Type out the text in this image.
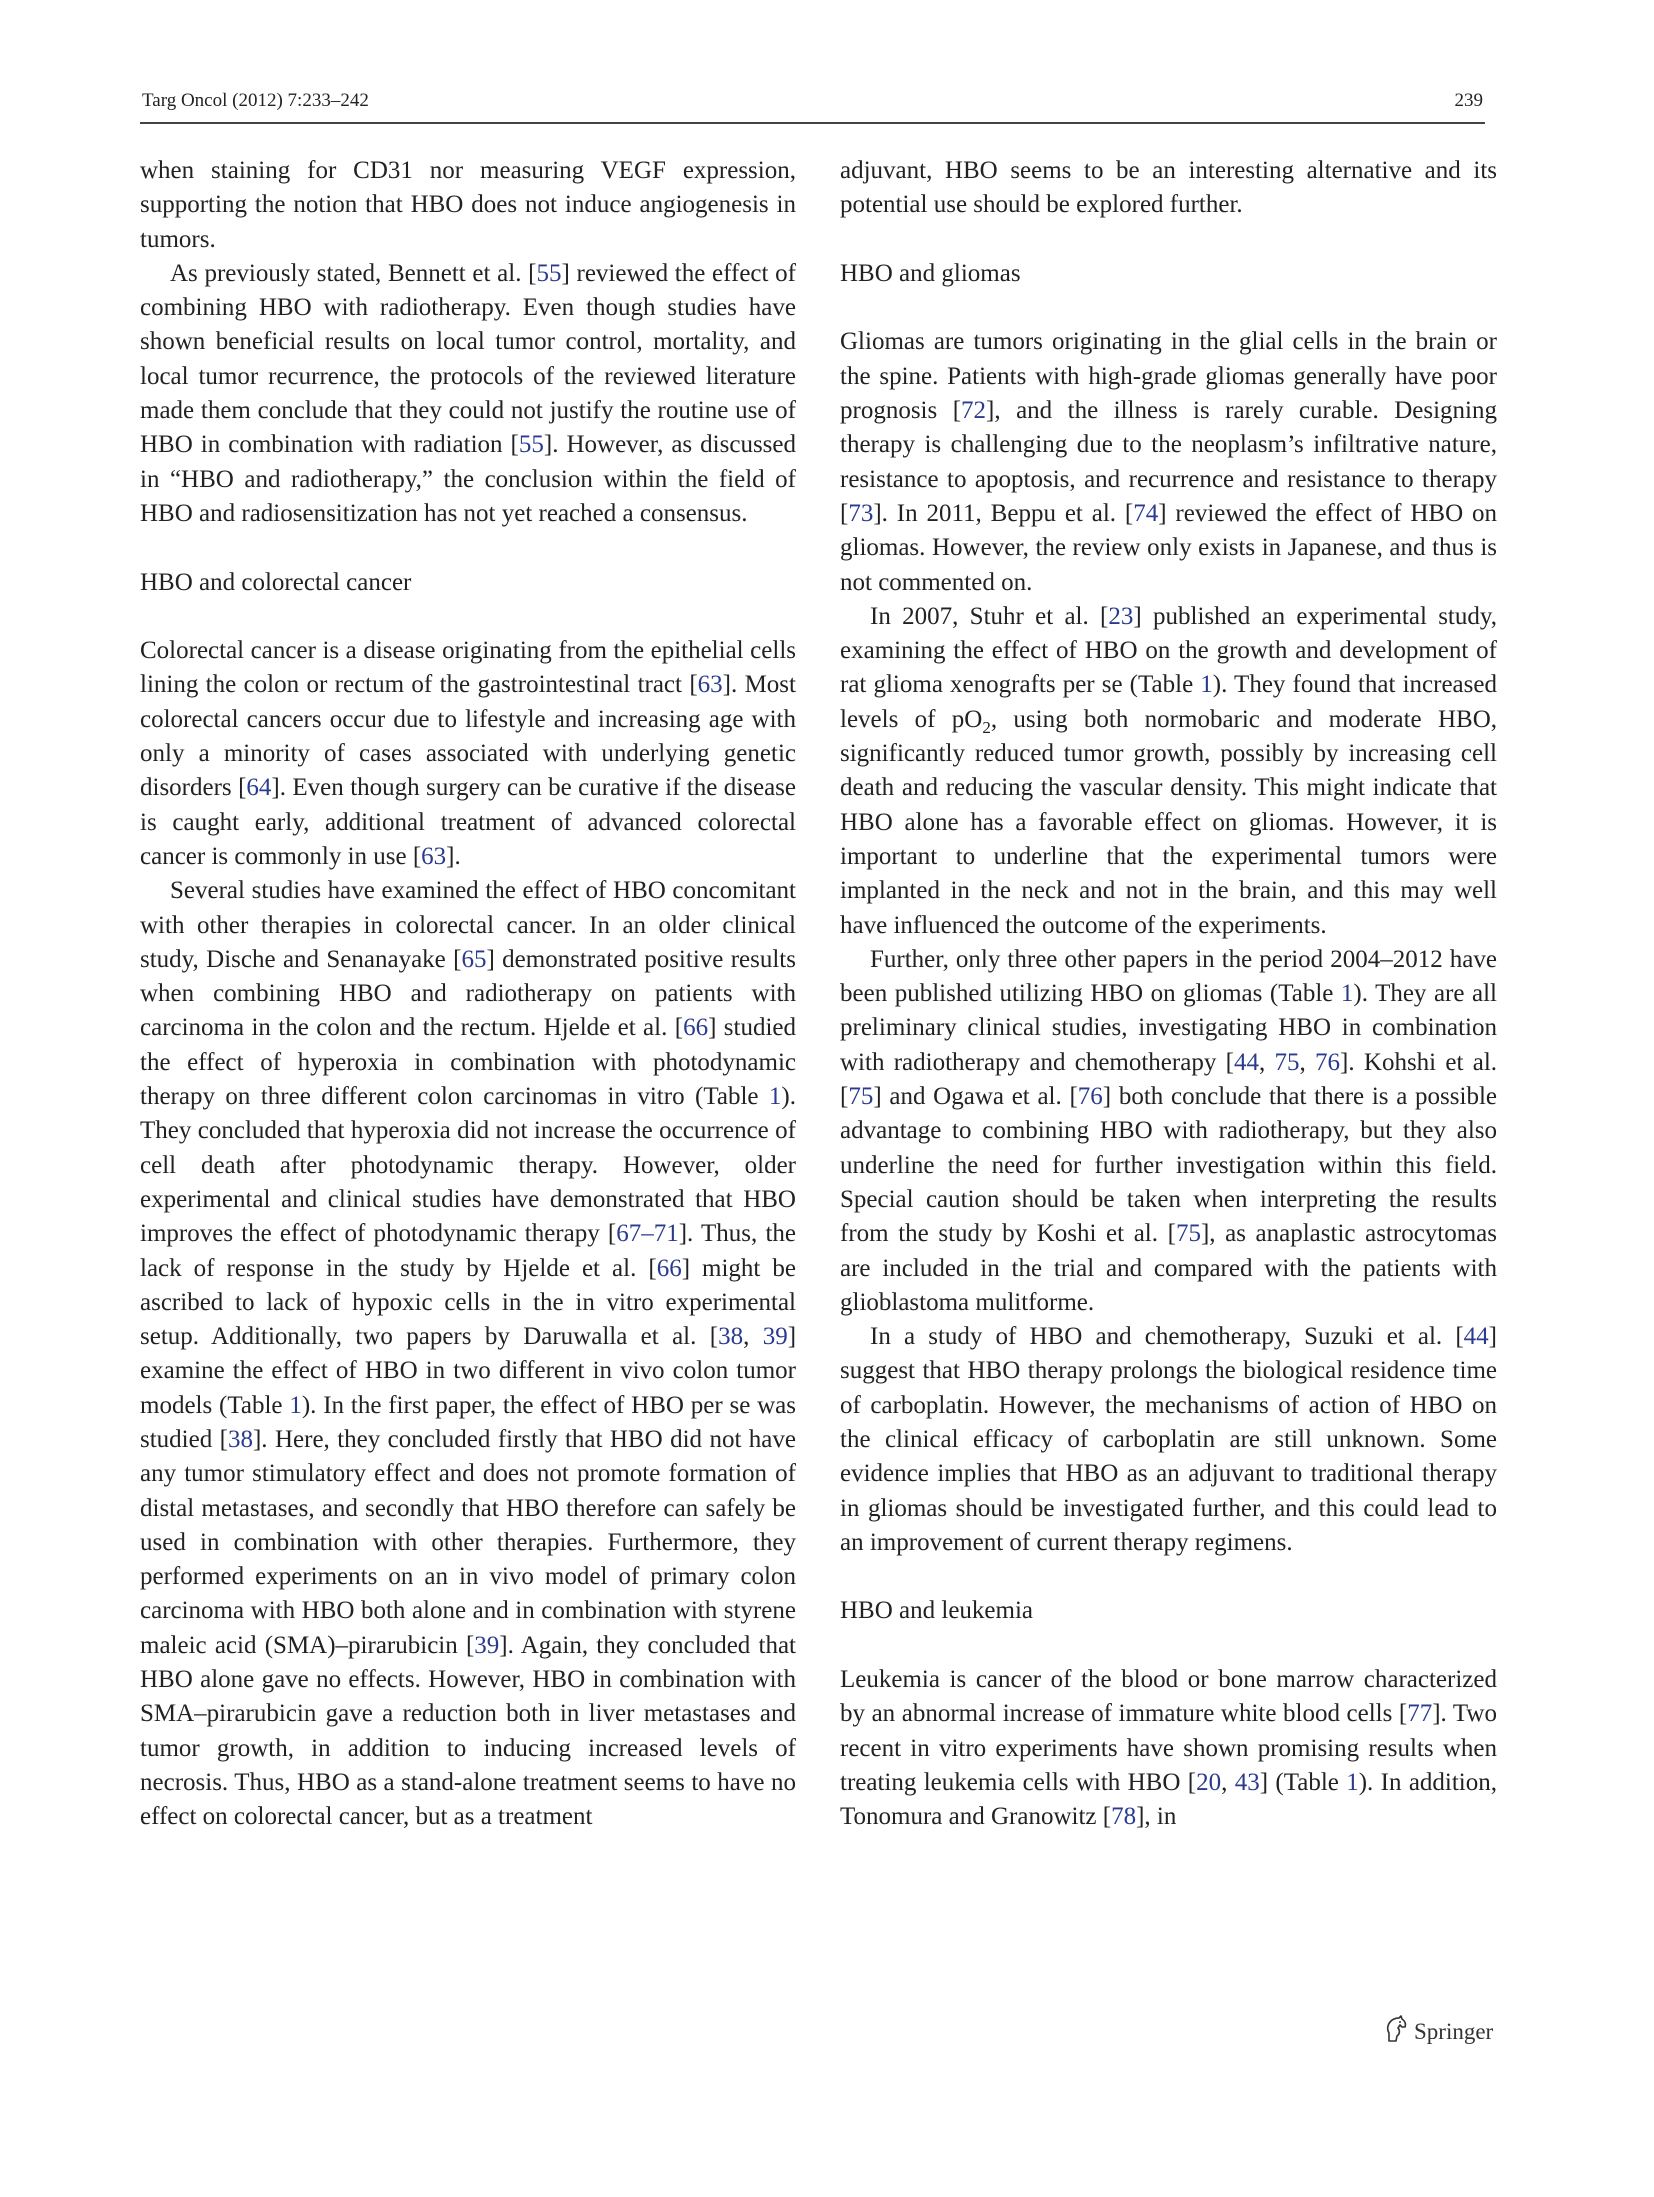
Targ Oncol (2012) 7:233–242	239

when staining for CD31 nor measuring VEGF expression, supporting the notion that HBO does not induce angiogenesis in tumors.

As previously stated, Bennett et al. [55] reviewed the effect of combining HBO with radiotherapy. Even though studies have shown beneficial results on local tumor control, mortality, and local tumor recurrence, the protocols of the reviewed literature made them conclude that they could not justify the routine use of HBO in combination with radiation [55]. However, as discussed in “HBO and radiotherapy,” the conclusion within the field of HBO and radiosensitization has not yet reached a consensus.

HBO and colorectal cancer

Colorectal cancer is a disease originating from the epithelial cells lining the colon or rectum of the gastrointestinal tract [63]. Most colorectal cancers occur due to lifestyle and increasing age with only a minority of cases associated with underlying genetic disorders [64]. Even though surgery can be curative if the disease is caught early, additional treatment of advanced colorectal cancer is commonly in use [63].

Several studies have examined the effect of HBO concomitant with other therapies in colorectal cancer. In an older clinical study, Dische and Senanayake [65] demonstrated positive results when combining HBO and radiotherapy on patients with carcinoma in the colon and the rectum. Hjelde et al. [66] studied the effect of hyperoxia in combination with photodynamic therapy on three different colon carcinomas in vitro (Table 1). They concluded that hyperoxia did not increase the occurrence of cell death after photodynamic therapy. However, older experimental and clinical studies have demonstrated that HBO improves the effect of photodynamic therapy [67–71]. Thus, the lack of response in the study by Hjelde et al. [66] might be ascribed to lack of hypoxic cells in the in vitro experimental setup. Additionally, two papers by Daruwalla et al. [38, 39] examine the effect of HBO in two different in vivo colon tumor models (Table 1). In the first paper, the effect of HBO per se was studied [38]. Here, they concluded firstly that HBO did not have any tumor stimulatory effect and does not promote formation of distal metastases, and secondly that HBO therefore can safely be used in combination with other therapies. Furthermore, they performed experiments on an in vivo model of primary colon carcinoma with HBO both alone and in combination with styrene maleic acid (SMA)–pirarubicin [39]. Again, they concluded that HBO alone gave no effects. However, HBO in combination with SMA–pirarubicin gave a reduction both in liver metastases and tumor growth, in addition to inducing increased levels of necrosis. Thus, HBO as a stand-alone treatment seems to have no effect on colorectal cancer, but as a treatment

adjuvant, HBO seems to be an interesting alternative and its potential use should be explored further.

HBO and gliomas

Gliomas are tumors originating in the glial cells in the brain or the spine. Patients with high-grade gliomas generally have poor prognosis [72], and the illness is rarely curable. Designing therapy is challenging due to the neoplasm’s infiltrative nature, resistance to apoptosis, and recurrence and resistance to therapy [73]. In 2011, Beppu et al. [74] reviewed the effect of HBO on gliomas. However, the review only exists in Japanese, and thus is not commented on.

In 2007, Stuhr et al. [23] published an experimental study, examining the effect of HBO on the growth and development of rat glioma xenografts per se (Table 1). They found that increased levels of $pO_2$, using both normobaric and moderate HBO, significantly reduced tumor growth, possibly by increasing cell death and reducing the vascular density. This might indicate that HBO alone has a favorable effect on gliomas. However, it is important to underline that the experimental tumors were implanted in the neck and not in the brain, and this may well have influenced the outcome of the experiments.

Further, only three other papers in the period 2004–2012 have been published utilizing HBO on gliomas (Table 1). They are all preliminary clinical studies, investigating HBO in combination with radiotherapy and chemotherapy [44, 75, 76]. Kohshi et al. [75] and Ogawa et al. [76] both conclude that there is a possible advantage to combining HBO with radiotherapy, but they also underline the need for further investigation within this field. Special caution should be taken when interpreting the results from the study by Koshi et al. [75], as anaplastic astrocytomas are included in the trial and compared with the patients with glioblastoma mulitforme.

In a study of HBO and chemotherapy, Suzuki et al. [44] suggest that HBO therapy prolongs the biological residence time of carboplatin. However, the mechanisms of action of HBO on the clinical efficacy of carboplatin are still unknown. Some evidence implies that HBO as an adjuvant to traditional therapy in gliomas should be investigated further, and this could lead to an improvement of current therapy regimens.

HBO and leukemia

Leukemia is cancer of the blood or bone marrow characterized by an abnormal increase of immature white blood cells [77]. Two recent in vitro experiments have shown promising results when treating leukemia cells with HBO [20, 43] (Table 1). In addition, Tonomura and Granowitz [78], in

Springer
